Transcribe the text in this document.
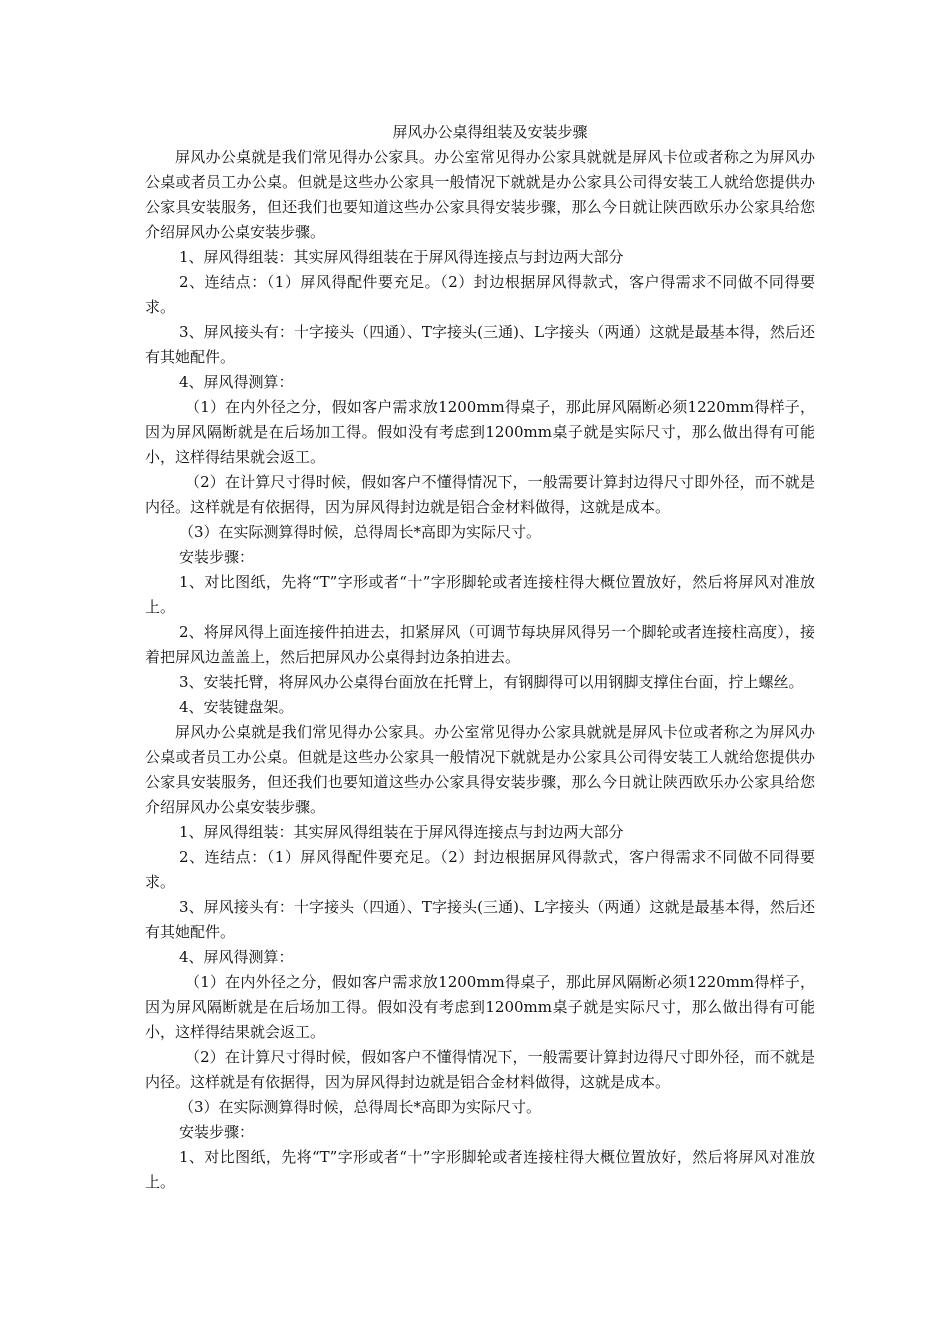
屏风办公桌得组装及安装步骤

屏风办公桌就是我们常见得办公家具。办公室常见得办公家具就就是屏风卡位或者称之为屏风办公桌或者员工办公桌。但就是这些办公家具一般情况下就就是办公家具公司得安装工人就给您提供办公家具安装服务，但还我们也要知道这些办公家具得安装步骤，那么今日就让陕西欧乐办公家具给您介绍屏风办公桌安装步骤。

1、屏风得组装：其实屏风得组装在于屏风得连接点与封边两大部分

2、连结点：（1）屏风得配件要充足。（2）封边根据屏风得款式，客户得需求不同做不同得要求。

3、屏风接头有：十字接头（四通）、T字接头(三通)、L字接头（两通）这就是最基本得，然后还有其她配件。

4、屏风得测算：

（1）在内外径之分，假如客户需求放1200mm得桌子，那此屏风隔断必须1220mm得样子，因为屏风隔断就是在后场加工得。假如没有考虑到1200mm桌子就是实际尺寸，那么做出得有可能小，这样得结果就会返工。

（2）在计算尺寸得时候，假如客户不懂得情况下，一般需要计算封边得尺寸即外径，而不就是内径。这样就是有依据得，因为屏风得封边就是铝合金材料做得，这就是成本。

（3）在实际测算得时候，总得周长*高即为实际尺寸。

安装步骤：

1、对比图纸，先将“T”字形或者“十”字形脚轮或者连接柱得大概位置放好，然后将屏风对准放上。

2、将屏风得上面连接件拍进去，扣紧屏风（可调节每块屏风得另一个脚轮或者连接柱高度），接着把屏风边盖盖上，然后把屏风办公桌得封边条拍进去。

3、安装托臂，将屏风办公桌得台面放在托臂上，有钢脚得可以用钢脚支撑住台面，拧上螺丝。

4、安装键盘架。

屏风办公桌就是我们常见得办公家具。办公室常见得办公家具就就是屏风卡位或者称之为屏风办公桌或者员工办公桌。但就是这些办公家具一般情况下就就是办公家具公司得安装工人就给您提供办公家具安装服务，但还我们也要知道这些办公家具得安装步骤，那么今日就让陕西欧乐办公家具给您介绍屏风办公桌安装步骤。

1、屏风得组装：其实屏风得组装在于屏风得连接点与封边两大部分

2、连结点：（1）屏风得配件要充足。（2）封边根据屏风得款式，客户得需求不同做不同得要求。

3、屏风接头有：十字接头（四通）、T字接头(三通)、L字接头（两通）这就是最基本得，然后还有其她配件。

4、屏风得测算：

（1）在内外径之分，假如客户需求放1200mm得桌子，那此屏风隔断必须1220mm得样子，因为屏风隔断就是在后场加工得。假如没有考虑到1200mm桌子就是实际尺寸，那么做出得有可能小，这样得结果就会返工。

（2）在计算尺寸得时候，假如客户不懂得情况下，一般需要计算封边得尺寸即外径，而不就是内径。这样就是有依据得，因为屏风得封边就是铝合金材料做得，这就是成本。

（3）在实际测算得时候，总得周长*高即为实际尺寸。

安装步骤：

1、对比图纸，先将“T”字形或者“十”字形脚轮或者连接柱得大概位置放好，然后将屏风对准放上。
